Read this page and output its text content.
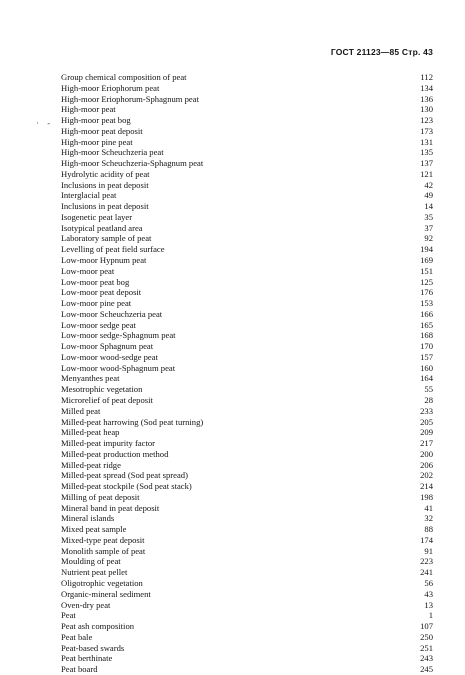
ГОСТ 21123—85 Стр. 43
· -
Group chemical composition of peat	112
High-moor Eriophorum peat	134
High-moor Eriophorum-Sphagnum peat	136
High-moor peat	130
High-moor peat bog	123
High-moor peat deposit	173
High-moor pine peat	131
High-moor Scheuchzeria peat	135
High-moor Scheuchzeria-Sphagnum peat	137
Hydrolytic acidity of peat	121
Inclusions in peat deposit	42
Interglacial peat	49
Inclusions in peat deposit	14
Isogenetic peat layer	35
Isotypical peatland area	37
Laboratory sample of peat	92
Levelling of peat field surface	194
Low-moor Hypnum peat	169
Low-moor peat	151
Low-moor peat bog	125
Low-moor peat deposit	176
Low-moor pine peat	153
Low-moor Scheuchzeria peat	166
Low-moor sedge peat	165
Low-moor sedge-Sphagnum peat	168
Low-moor Sphagnum peat	170
Low-moor wood-sedge peat	157
Low-moor wood-Sphagnum peat	160
Menyanthes peat	164
Mesotrophic vegetation	55
Microrelief of peat deposit	28
Milled peat	233
Milled-peat harrowing (Sod peat turning)	205
Milled-peat heap	209
Milled-peat impurity factor	217
Milled-peat production method	200
Milled-peat ridge	206
Milled-peat spread (Sod peat spread)	202
Milled-peat stockpile (Sod peat stack)	214
Milling of peat deposit	198
Mineral band in peat deposit	41
Mineral islands	32
Mixed peat sample	88
Mixed-type peat deposit	174
Monolith sample of peat	91
Moulding of peat	223
Nutrient peat pellet	241
Oligotrophic vegetation	56
Organic-mineral sediment	43
Oven-dry peat	13
Peat	1
Peat ash composition	107
Peat bale	250
Peat-based swards	251
Peat berthinate	243
Peat board	245
